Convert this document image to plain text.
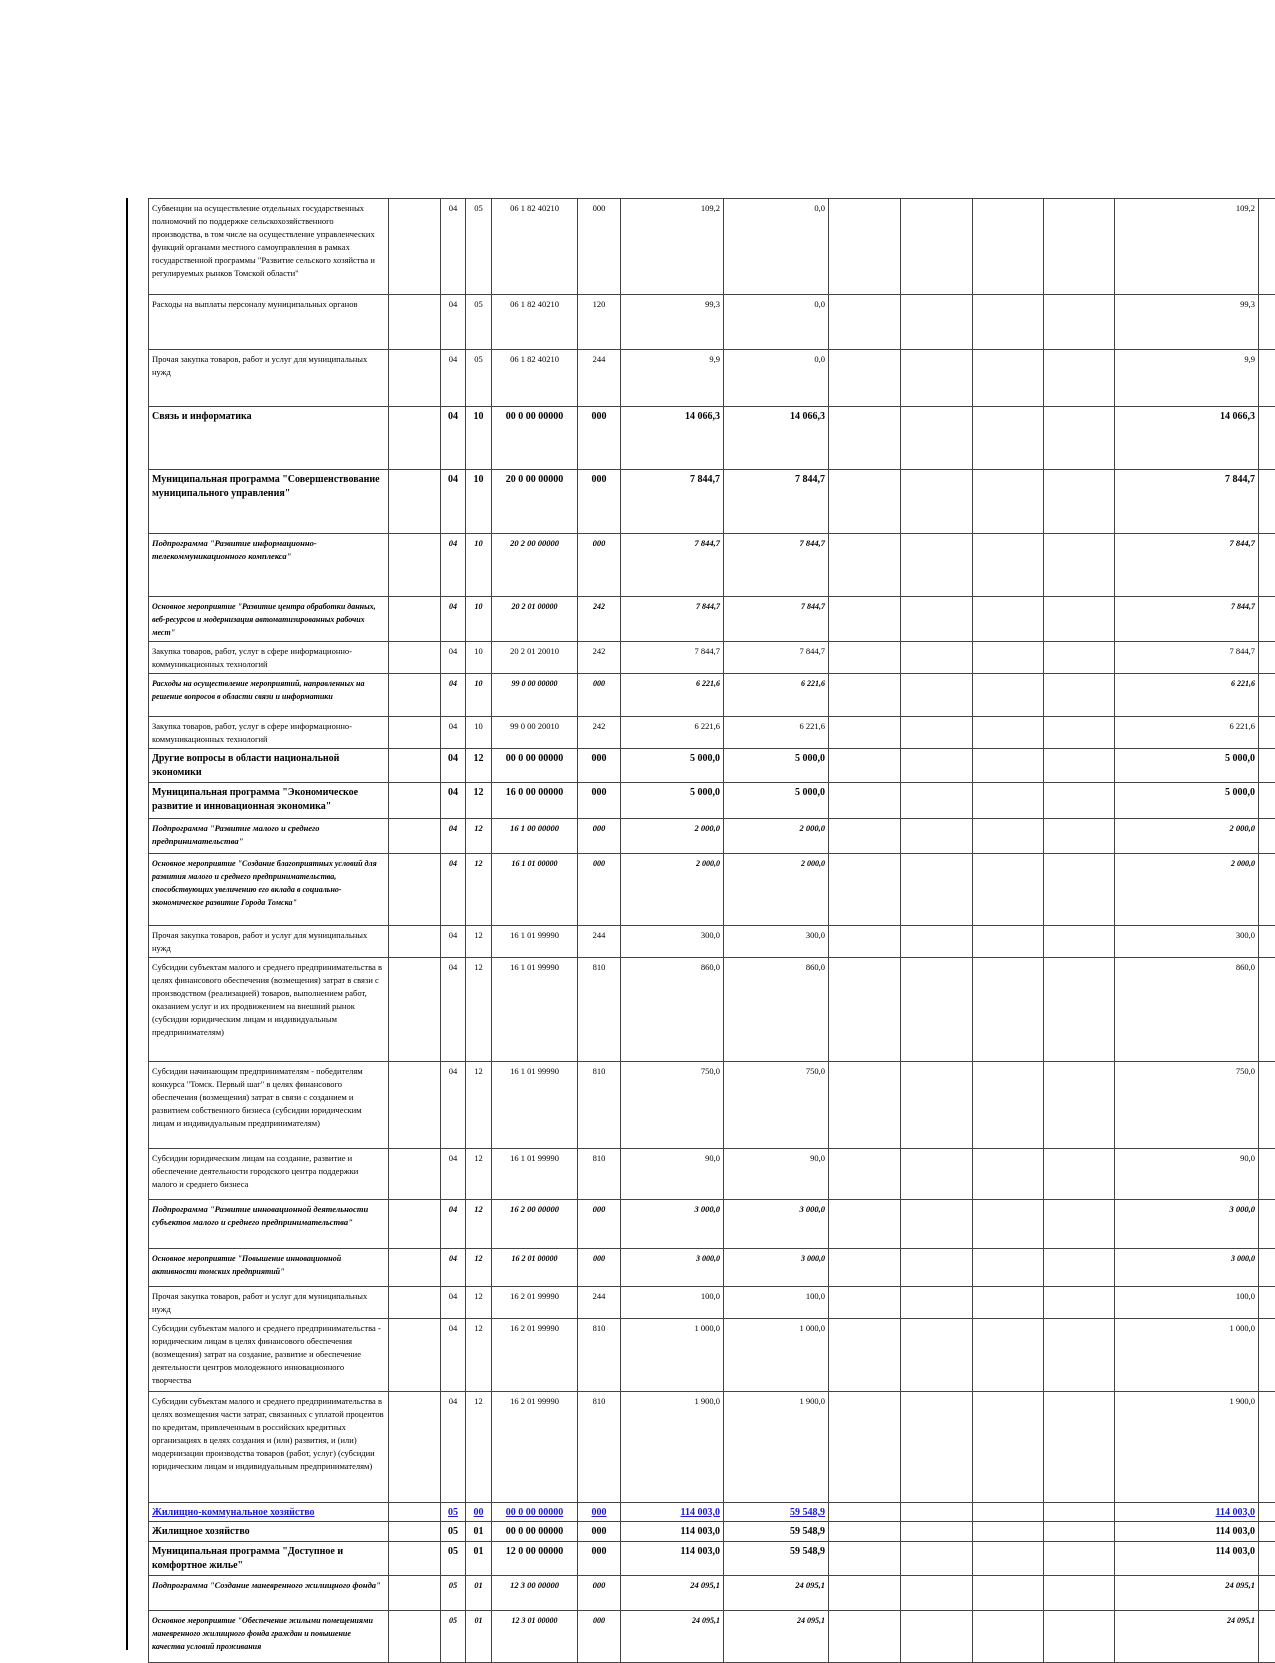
Субвенции на осуществление отдельных государственных полномочий по поддержке сельскохозяйственного производства, в том числе на осуществление управленческих функций органами местного самоуправления в рамках государственной программы "Развитие сельского хозяйства и регулируемых рынков Томской области"		04	05	06 1 82 40210	000	109,2	0,0					109,2	
Расходы на выплаты персоналу муниципальных органов		04	05	06 1 82 40210	120	99,3	0,0					99,3	
Прочая закупка товаров, работ и услуг для муниципальных нужд		04	05	06 1 82 40210	244	9,9	0,0					9,9	
Связь и информатика		04	10	00 0 00 00000	000	14 066,3	14 066,3					14 066,3	
Муниципальная программа "Совершенствование муниципального управления"		04	10	20 0 00 00000	000	7 844,7	7 844,7					7 844,7	
Подпрограмма "Развитие информационно-телекоммуникационного комплекса"		04	10	20 2 00 00000	000	7 844,7	7 844,7					7 844,7	
Основное мероприятие "Развитие центра обработки данных, веб-ресурсов и модернизация автоматизированных рабочих мест"		04	10	20 2 01 00000	242	7 844,7	7 844,7					7 844,7	
Закупка товаров, работ, услуг в сфере информационно-коммуникационных технологий		04	10	20 2 01 20010	242	7 844,7	7 844,7					7 844,7	
Расходы на осуществление мероприятий, направленных на решение вопросов в области связи и информатики		04	10	99 0 00 00000	000	6 221,6	6 221,6					6 221,6	
Закупка товаров, работ, услуг в сфере информационно-коммуникационных технологий		04	10	99 0 00 20010	242	6 221,6	6 221,6					6 221,6	
Другие вопросы в области национальной экономики		04	12	00 0 00 00000	000	5 000,0	5 000,0					5 000,0	
Муниципальная программа "Экономическое развитие и инновационная экономика"		04	12	16 0 00 00000	000	5 000,0	5 000,0					5 000,0	
Подпрограмма "Развитие малого и среднего предпринимательства"		04	12	16 1 00 00000	000	2 000,0	2 000,0					2 000,0	
Основное мероприятие "Создание благоприятных условий для развития малого и среднего предпринимательства, способствующих увеличению его вклада в социально-экономическое развитие Города Томска"		04	12	16 1 01 00000	000	2 000,0	2 000,0					2 000,0	
Прочая закупка товаров, работ и услуг для муниципальных нужд		04	12	16 1 01 99990	244	300,0	300,0					300,0	
Субсидии субъектам малого и среднего предпринимательства в целях финансового обеспечения (возмещения) затрат в связи с производством (реализацией) товаров, выполнением работ, оказанием услуг и их продвижением на внешний рынок (субсидии юридическим лицам и индивидуальным предпринимателям)		04	12	16 1 01 99990	810	860,0	860,0					860,0	
Субсидии начинающим предпринимателям - победителям конкурса "Томск. Первый шаг" в целях финансового обеспечения (возмещения) затрат в связи с созданием и развитием собственного бизнеса (субсидии юридическим лицам и индивидуальным предпринимателям)		04	12	16 1 01 99990	810	750,0	750,0					750,0	
Субсидии юридическим лицам на создание, развитие и обеспечение деятельности городского центра поддержки малого и среднего бизнеса		04	12	16 1 01 99990	810	90,0	90,0					90,0	
Подпрограмма "Развитие инновационной деятельности субъектов малого и среднего предпринимательства"		04	12	16 2 00 00000	000	3 000,0	3 000,0					3 000,0	
Основное мероприятие "Повышение инновационной активности томских предприятий"		04	12	16 2 01 00000	000	3 000,0	3 000,0					3 000,0	
Прочая закупка товаров, работ и услуг для муниципальных нужд		04	12	16 2 01 99990	244	100,0	100,0					100,0	
Субсидии субъектам малого и среднего предпринимательства - юридическим лицам в целях финансового обеспечения (возмещения) затрат на создание, развитие и обеспечение деятельности центров молодежного инновационного творчества		04	12	16 2 01 99990	810	1 000,0	1 000,0					1 000,0	
Субсидии субъектам малого и среднего предпринимательства в целях возмещения части затрат, связанных с уплатой процентов по кредитам, привлеченным в российских кредитных организациях в целях создания и (или) развития, и (или) модернизации производства товаров (работ, услуг) (субсидии юридическим лицам и индивидуальным предпринимателям)		04	12	16 2 01 99990	810	1 900,0	1 900,0					1 900,0	
Жилищно-коммунальное хозяйство		05	00	00 0 00 00000	000	114 003,0	59 548,9					114 003,0	
Жилищное хозяйство		05	01	00 0 00 00000	000	114 003,0	59 548,9					114 003,0	
Муниципальная программа "Доступное и комфортное жилье"		05	01	12 0 00 00000	000	114 003,0	59 548,9					114 003,0	
Подпрограмма "Создание маневренного жилищного фонда"		05	01	12 3 00 00000	000	24 095,1	24 095,1					24 095,1	
Основное мероприятие "Обеспечение жилыми помещениями маневренного жилищного фонда граждан и повышение качества условий проживания		05	01	12 3 01 00000	000	24 095,1	24 095,1					24 095,1	
